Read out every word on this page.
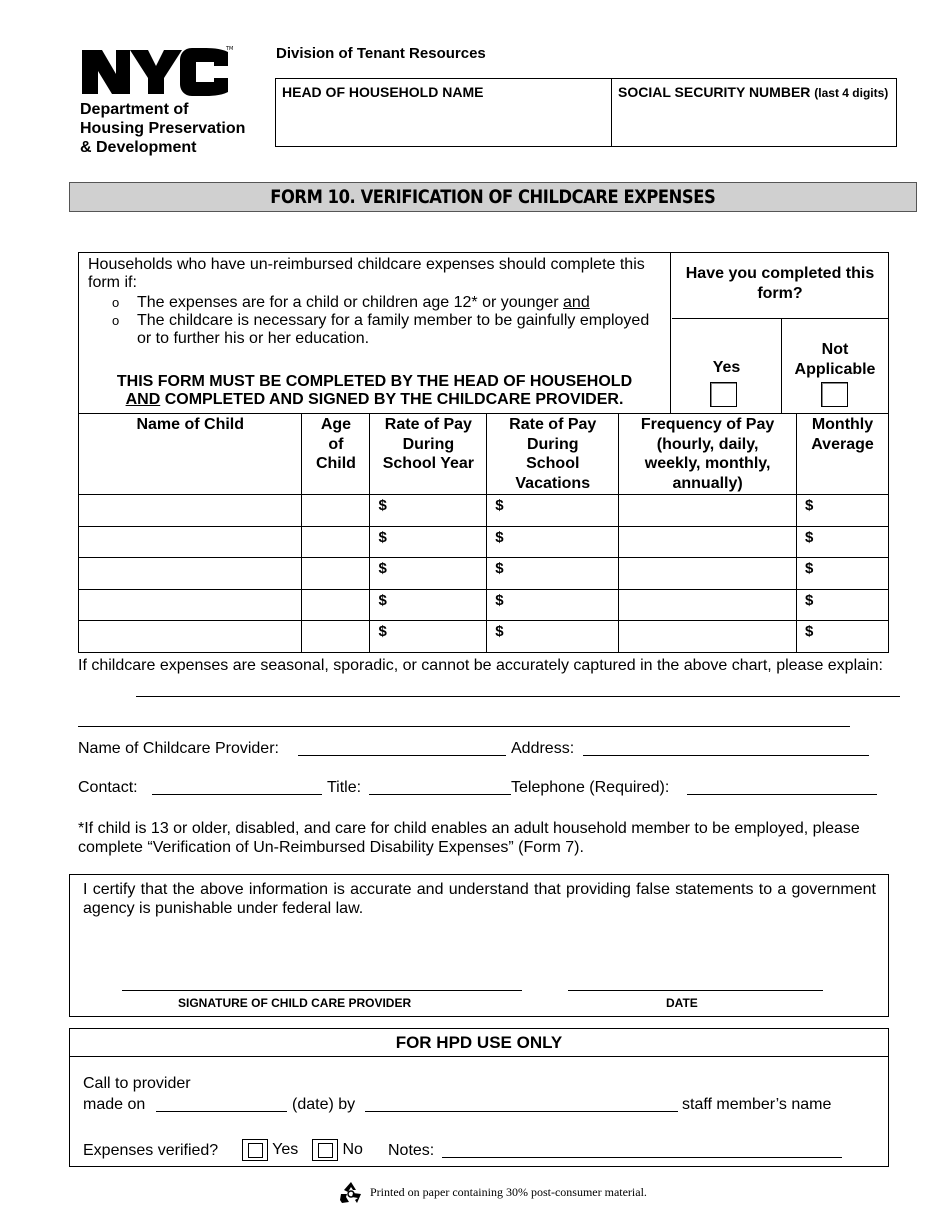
TM
Department of
Housing Preservation
& Development
Division of Tenant Resources
HEAD OF HOUSEHOLD NAME	SOCIAL SECURITY NUMBER (last 4 digits)
FORM 10. VERIFICATION OF CHILDCARE EXPENSES
Households who have un-reimbursed childcare expenses should complete this form if:
o The expenses are for a child or children age 12* or younger and
o The childcare is necessary for a family member to be gainfully employed or to further his or her education.
THIS FORM MUST BE COMPLETED BY THE HEAD OF HOUSEHOLD
AND COMPLETED AND SIGNED BY THE CHILDCARE PROVIDER.
Have you completed this form?
Yes
Not Applicable
Name of Child	Age of Child	Rate of Pay During School Year	Rate of Pay During School Vacations	Frequency of Pay (hourly, daily, weekly, monthly, annually)	Monthly Average
		$	$		$
		$	$		$
		$	$		$
		$	$		$
		$	$		$
If childcare expenses are seasonal, sporadic, or cannot be accurately captured in the above chart, please explain:
Name of Childcare Provider:	Address:
Contact:	Title:	Telephone (Required):
*If child is 13 or older, disabled, and care for child enables an adult household member to be employed, please complete “Verification of Un-Reimbursed Disability Expenses” (Form 7).
I certify that the above information is accurate and understand that providing false statements to a government agency is punishable under federal law.
SIGNATURE OF CHILD CARE PROVIDER	DATE
FOR HPD USE ONLY
Call to provider
made on	(date) by	staff member’s name
Expenses verified?	Yes	No Notes:
Printed on paper containing 30% post-consumer material.
